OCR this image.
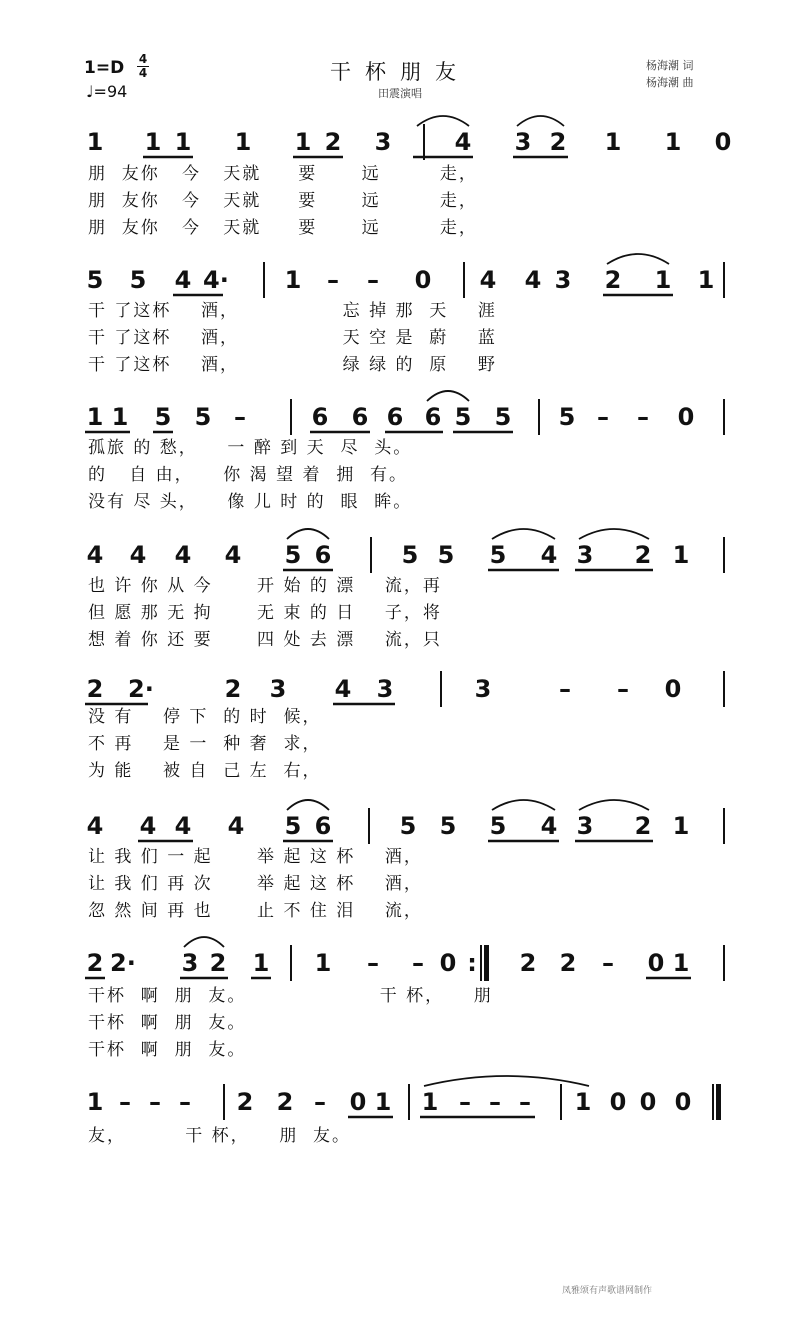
1=D 4
4
♩=94
干杯朋友
田震演唱
杨海潮 词
杨海潮 曲
1 1 1 1 1 2 3	4 3 2 1 1 0
朋  友你   今   天就     要      远        走，
朋  友你   今   天就     要      远        走，
朋  友你   今   天就     要      远        走，
5 5 4 4·	1 – – 0 4 4 3 2 1 1
干 了这杯    酒，              忘 掉 那  天    涯
干 了这杯    酒，              天 空 是  蔚    蓝
干 了这杯    酒，              绿 绿 的  原    野
1 1 5 5 –	6 6 6 6 5 5 5 – – 0
孤旅 的 愁，    一 醉 到 天  尽  头。
的   自 由，    你 渴 望 着  拥  有。
没有 尽 头，    像 儿 时 的  眼  眸。
4 4 4 4 5 6	5 5 5 4 3 2 1
也 许 你 从 今      开 始 的 漂    流，再
但 愿 那 无 拘      无 束 的 日    子，将
想 着 你 还 要      四 处 去 漂    流，只
2 2·	2 3 4 3	3	– – 0
没 有    停 下  的 时  候，
不 再    是 一  种 奢  求，
为 能    被 自  己 左  右，
4 4 4 4 5 6	5 5 5 4 3 2 1
让 我 们 一 起      举 起 这 杯    酒，
让 我 们 再 次      举 起 这 杯    酒，
忽 然 间 再 也      止 不 住 泪    流，
2 2·	3 2 1 1 – – 0 : 2 2 – 0 1
干杯  啊  朋  友。                  干 杯，    朋
干杯  啊  朋  友。
干杯  啊  朋  友。
1 – – – 2 2 – 0 1 1 – – – 1 0 0 0
友，        干 杯，    朋  友。
凤雅颂有声歌谱网制作
